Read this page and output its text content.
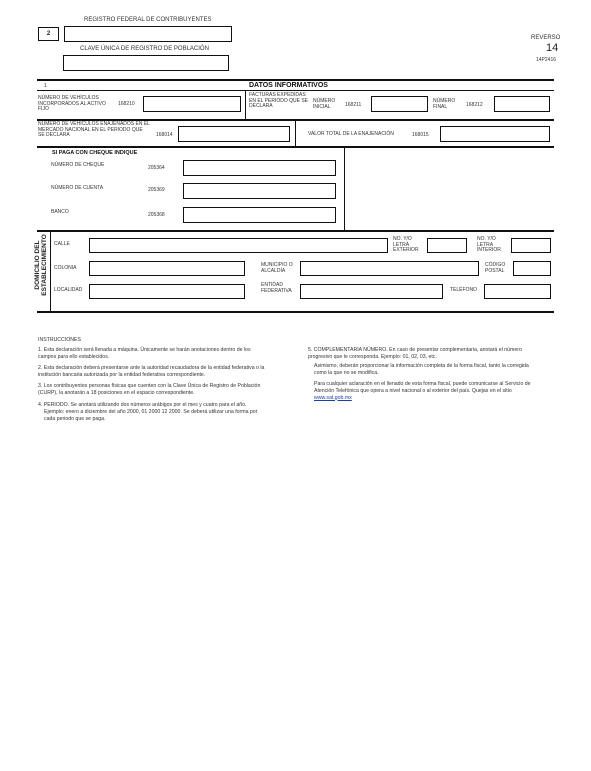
REGISTRO FEDERAL DE CONTRIBUYENTES
2
CLAVE ÚNICA DE REGISTRO DE POBLACIÓN
REVERSO
14
14P2416
1	DATOS INFORMATIVOS
NÚMERO DE VEHÍCULOS INCORPORADOS AL ACTIVO FIJO
168210
FACTURAS EXPEDIDAS EN EL PERIODO QUE SE DECLARA
NÚMERO INICIAL	168211
NÚMERO FINAL	168212
NÚMERO DE VEHÍCULOS ENAJENADOS EN EL MERCADO NACIONAL EN EL PERIODO QUE SE DECLARA	168014	VALOR TOTAL DE LA ENAJENACIÓN	168015
SI PAGA CON CHEQUE INDIQUE
NÚMERO DE CHEQUE	205364
NÚMERO DE CUENTA	205369
BANCO	205368
DOMICILIO DEL ESTABLECIMIENTO CALLE
NO. Y/O LETRA EXTERIOR
NO. Y/O LETRA INTERIOR
COLONIA	MUNICIPIO O ALCALDÍA
CÓDIGO POSTAL
LOCALIDAD
ENTIDAD FEDERATIVA	TELÉFONO
INSTRUCCIONES

1. Esta declaración será llenada a máquina. Únicamente se harán anotaciones dentro de los campos para ello establecidos.

2. Esta declaración deberá presentarse ante la autoridad recaudadora de la entidad federativa o la institución bancaria autorizada por la entidad federativa correspondiente.

3. Los contribuyentes personas físicas que cuenten con la Clave Única de Registro de Población (CURP), la anotarán a 18 posiciones en el espacio correspondiente.

4. PERIODO. Se anotará utilizando dos números arábigos por el mes y cuatro para el año.

Ejemplo: enero a diciembre del año 2000, 01 2000 12 2000. Se deberá utilizar una forma por cada periodo que se paga.

5. COMPLEMENTARIA NÚMERO. En caso de presentar complementaria, anotará el número progresivo que le corresponda. Ejemplo: 01, 02, 03, etc.

Asimismo, deberán proporcionar la información completa de la forma fiscal, tanto la corregida como la que no se modifica.

Para cualquier aclaración en el llenado de esta forma fiscal, puede comunicarse al Servicio de Atención Telefónica que opera a nivel nacional o al exterior del país. Quejas en el sitio www.sat.gob.mx
